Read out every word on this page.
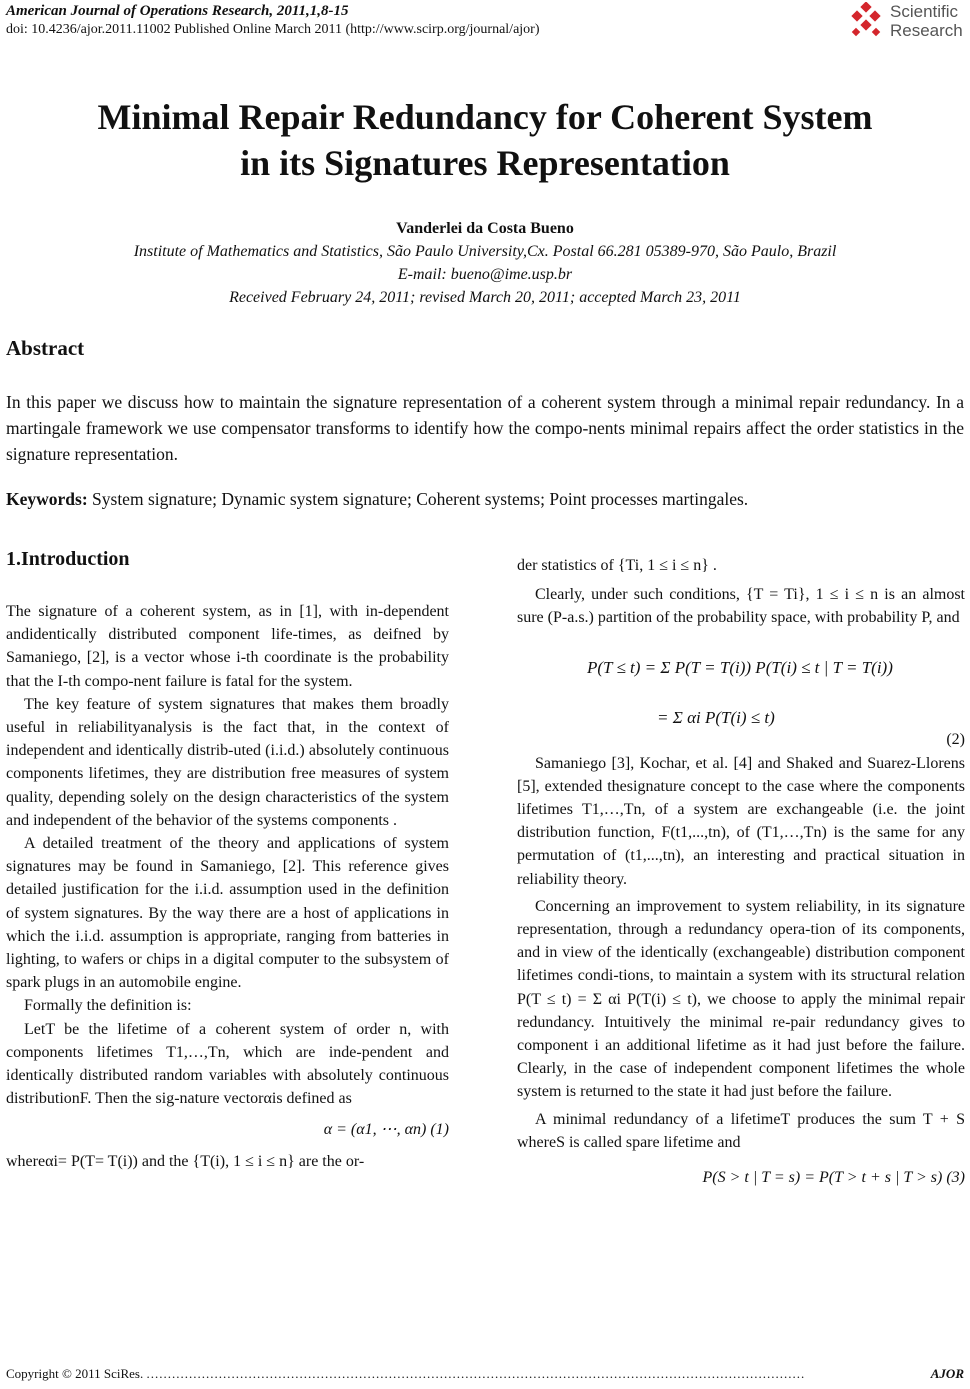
American Journal of Operations Research, 2011,1,8-15
doi: 10.4236/ajor.2011.11002 Published Online March 2011 (http://www.scirp.org/journal/ajor)
Scientific
Research
Minimal Repair Redundancy for Coherent System
in its Signatures Representation
Vanderlei da Costa Bueno
Institute of Mathematics and Statistics, São Paulo University,Cx. Postal 66.281 05389-970, São Paulo, Brazil
E-mail: bueno@ime.usp.br
Received February 24, 2011; revised March 20, 2011; accepted March 23, 2011
Abstract
In this paper we discuss how to maintain the signature representation of a coherent system through a minimal repair redundancy. In a martingale framework we use compensator transforms to identify how the compo-nents minimal repairs affect the order statistics in the signature representation.
Keywords: System signature; Dynamic system signature; Coherent systems; Point processes martingales.
1.Introduction

The signature of a coherent system, as in [1], with in-dependent andidentically distributed component life-times, as deifned by Samaniego, [2], is a vector whose i-th coordinate is the probability that the I-th compo-nent failure is fatal for the system.

The key feature of system signatures that makes them broadly useful in reliabilityanalysis is the fact that, in the context of independent and identically distrib-uted (i.i.d.) absolutely continuous components lifetimes, they are distribution free measures of system quality, depending solely on the design characteristics of the system and independent of the behavior of the systems components .

A detailed treatment of the theory and applications of system signatures may be found in Samaniego, [2]. This reference gives detailed justification for the i.i.d. assumption used in the definition of system signatures. By the way there are a host of applications in which the i.i.d. assumption is appropriate, ranging from batteries in lighting, to wafers or chips in a digital computer to the subsystem of spark plugs in an automobile engine.

Formally the definition is:

LetT be the lifetime of a coherent system of order n, with components lifetimes T1,…,Tn, which are inde-pendent and identically distributed random variables with absolutely continuous distributionF. Then the sig-nature vectorαis defined as

α = (α1, ⋯, αn) (1)

whereαi= P(T= T(i)) and the {T(i), 1 ≤ i ≤ n} are the or-

der statistics of {Ti, 1 ≤ i ≤ n} .

Clearly, under such conditions, {T = Ti}, 1 ≤ i ≤ n is an almost sure (P-a.s.) partition of the probability space, with probability P, and

P(T ≤ t) = Σ P(T = T(i)) P(T(i) ≤ t | T = T(i))
= Σ αi P(T(i) ≤ t)
(2)

Samaniego [3], Kochar, et al. [4] and Shaked and Suarez-Llorens [5], extended thesignature concept to the case where the components lifetimes T1,…,Tn, of a system are exchangeable (i.e. the joint distribution function, F(t1,...,tn), of (T1,…,Tn) is the same for any permutation of (t1,...,tn), an interesting and practical situation in reliability theory.

Concerning an improvement to system reliability, in its signature representation, through a redundancy opera-tion of its components, and in view of the identically (exchangeable) distribution component lifetimes condi-tions, to maintain a system with its structural relation P(T ≤ t) = Σ αi P(T(i) ≤ t), we choose to apply the minimal repair redundancy. Intuitively the minimal re-pair redundancy gives to component i an additional lifetime as it had just before the failure. Clearly, in the case of independent component lifetimes the whole system is returned to the state it had just before the failure.

A minimal redundancy of a lifetimeT produces the sum T + S whereS is called spare lifetime and

P(S > t | T = s) = P(T > t + s | T > s) (3)

Copyright © 2011 SciRes. ...........................................................................................................................................................	AJOR
